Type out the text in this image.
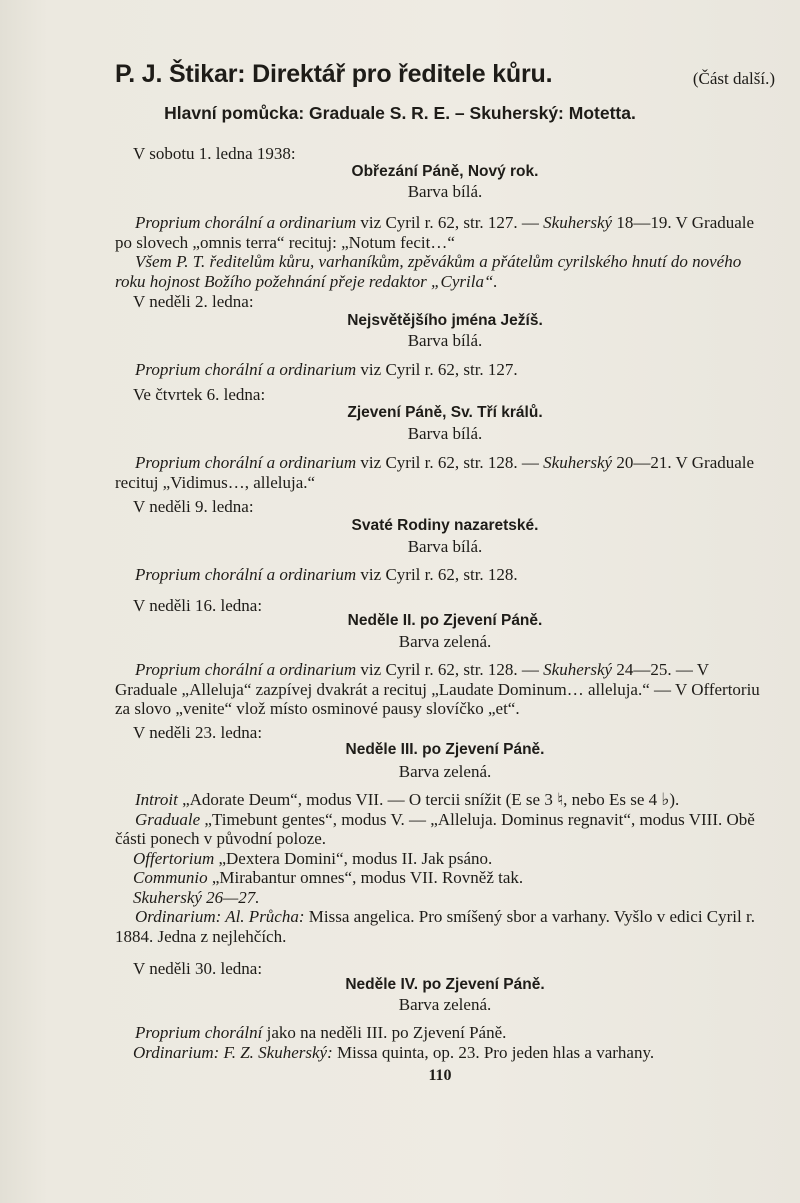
P. J. Štikar: Direktář pro ředitele kůru.	(Část další.)
Hlavní pomůcka: Graduale S. R. E. – Skuherský: Motetta.
V sobotu 1. ledna 1938:
Obřezání Páně, Nový rok.
Barva bílá.

Proprium chorální a ordinarium viz Cyril r. 62, str. 127. — Skuherský 18—19. V Graduale po slovech „omnis terra“ recituj: „Notum fecit…“

Všem P. T. ředitelům kůru, varhaníkům, zpěvákům a přátelům cyrilského hnutí do nového roku hojnost Božího požehnání přeje redaktor „Cyrila“.

V neděli 2. ledna:
Nejsvětějšího jména Ježíš.
Barva bílá.

Proprium chorální a ordinarium viz Cyril r. 62, str. 127.

Ve čtvrtek 6. ledna:
Zjevení Páně, Sv. Tří králů.
Barva bílá.

Proprium chorální a ordinarium viz Cyril r. 62, str. 128. — Skuherský 20—21. V Graduale recituj „Vidimus…, alleluja.“

V neděli 9. ledna:
Svaté Rodiny nazaretské.
Barva bílá.

Proprium chorální a ordinarium viz Cyril r. 62, str. 128.

V neděli 16. ledna:
Neděle II. po Zjevení Páně.
Barva zelená.

Proprium chorální a ordinarium viz Cyril r. 62, str. 128. — Skuherský 24—25. — V Graduale „Alleluja“ zazpívej dvakrát a recituj „Laudate Dominum… alleluja.“ — V Offertoriu za slovo „venite“ vlož místo osminové pausy slovíčko „et“.

V neděli 23. ledna:
Neděle III. po Zjevení Páně.
Barva zelená.

Introit „Adorate Deum“, modus VII. — O tercii snížit (E se 3 ♮, nebo Es se 4 ♭).

Graduale „Timebunt gentes“, modus V. — „Alleluja. Dominus regnavit“, modus VIII. Obě části ponech v původní poloze.

Offertorium „Dextera Domini“, modus II. Jak psáno.

Communio „Mirabantur omnes“, modus VII. Rovněž tak.

Skuherský 26—27.

Ordinarium: Al. Průcha: Missa angelica. Pro smíšený sbor a varhany. Vyšlo v edici Cyril r. 1884. Jedna z nejlehčích.

V neděli 30. ledna:
Neděle IV. po Zjevení Páně.
Barva zelená.

Proprium chorální jako na neděli III. po Zjevení Páně.

Ordinarium: F. Z. Skuherský: Missa quinta, op. 23. Pro jeden hlas a varhany.

110
